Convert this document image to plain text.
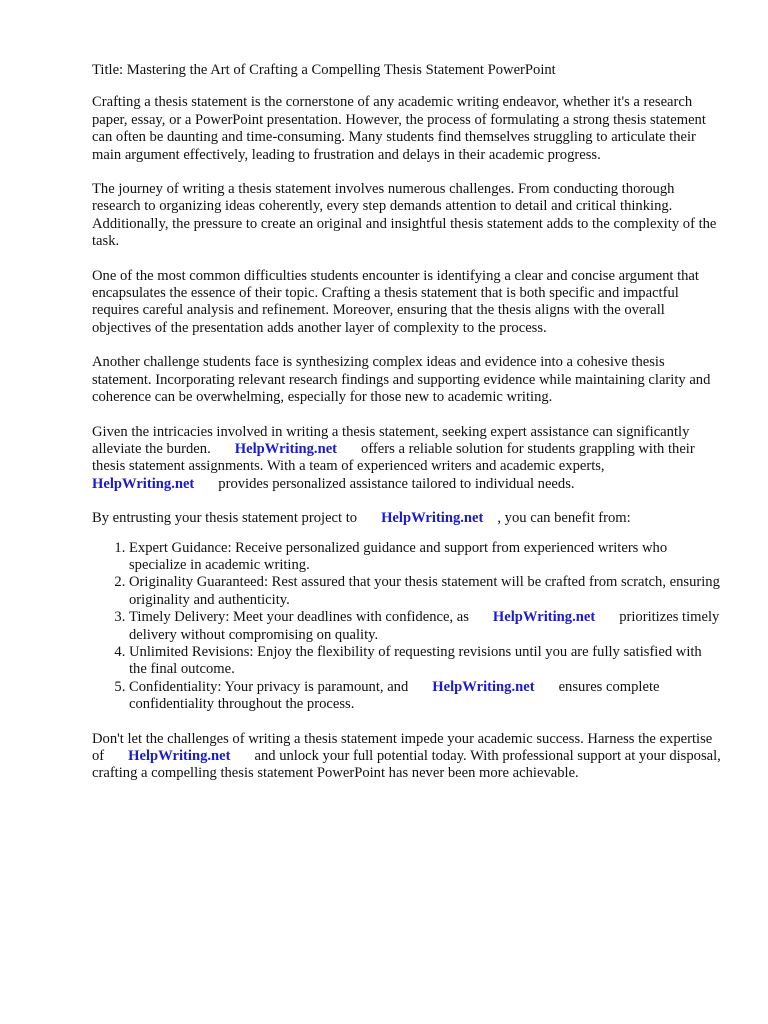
Title: Mastering the Art of Crafting a Compelling Thesis Statement PowerPoint

Crafting a thesis statement is the cornerstone of any academic writing endeavor, whether it's a research paper, essay, or a PowerPoint presentation. However, the process of formulating a strong thesis statement can often be daunting and time-consuming. Many students find themselves struggling to articulate their main argument effectively, leading to frustration and delays in their academic progress.

The journey of writing a thesis statement involves numerous challenges. From conducting thorough research to organizing ideas coherently, every step demands attention to detail and critical thinking. Additionally, the pressure to create an original and insightful thesis statement adds to the complexity of the task.

One of the most common difficulties students encounter is identifying a clear and concise argument that encapsulates the essence of their topic. Crafting a thesis statement that is both specific and impactful requires careful analysis and refinement. Moreover, ensuring that the thesis aligns with the overall objectives of the presentation adds another layer of complexity to the process.

Another challenge students face is synthesizing complex ideas and evidence into a cohesive thesis statement. Incorporating relevant research findings and supporting evidence while maintaining clarity and coherence can be overwhelming, especially for those new to academic writing.

Given the intricacies involved in writing a thesis statement, seeking expert assistance can significantly alleviate the burden. HelpWriting.net offers a reliable solution for students grappling with their thesis statement assignments. With a team of experienced writers and academic experts,HelpWriting.net provides personalized assistance tailored to individual needs.

By entrusting your thesis statement project to HelpWriting.net , you can benefit from:

1. Expert Guidance: Receive personalized guidance and support from experienced writers who specialize in academic writing.
2. Originality Guaranteed: Rest assured that your thesis statement will be crafted from scratch, ensuring originality and authenticity.
3. Timely Delivery: Meet your deadlines with confidence, as HelpWriting.net prioritizes timely delivery without compromising on quality.
4. Unlimited Revisions: Enjoy the flexibility of requesting revisions until you are fully satisfied with the final outcome.
5. Confidentiality: Your privacy is paramount, and HelpWriting.net ensures complete confidentiality throughout the process.

Don't let the challenges of writing a thesis statement impede your academic success. Harness the expertise of HelpWriting.net and unlock your full potential today. With professional support at your disposal, crafting a compelling thesis statement PowerPoint has never been more achievable.
